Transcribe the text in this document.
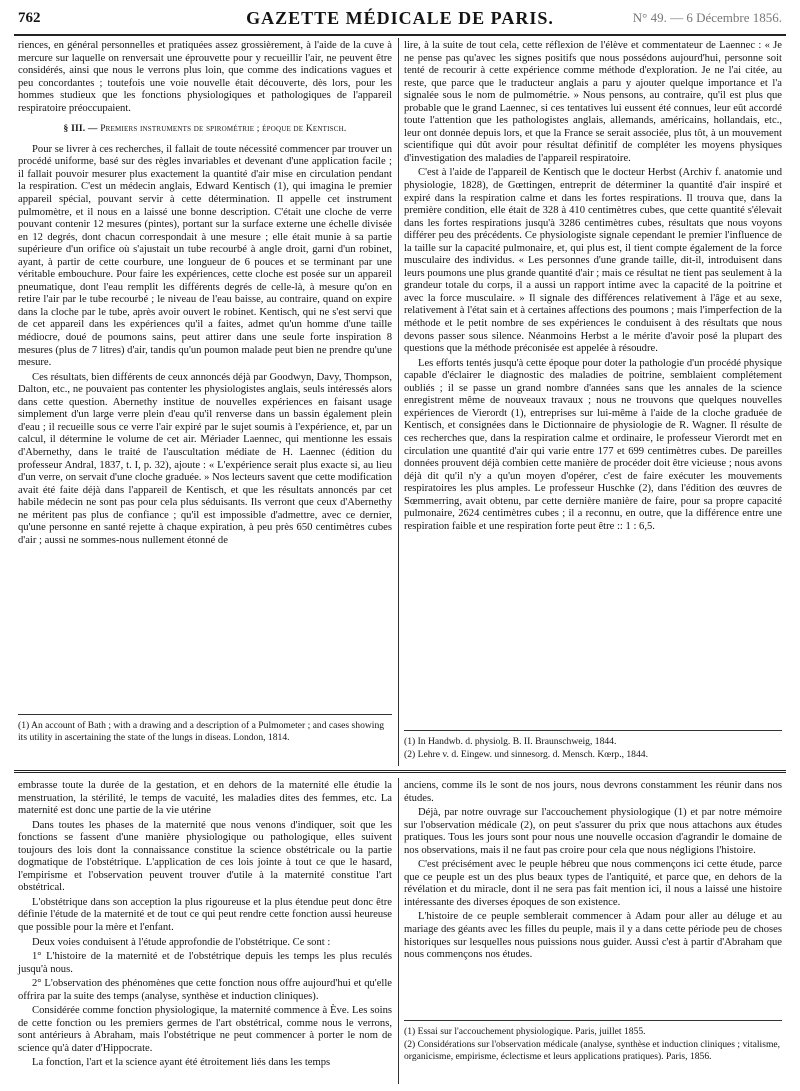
762	GAZETTE MÉDICALE DE PARIS.	N° 49. — 6 Décembre 1856.

riences, en général personnelles et pratiquées assez grossièrement, à l'aide de la cuve à mercure sur laquelle on renversait une éprouvette pour y recueillir l'air, ne peuvent être considérés, ainsi que nous le verrons plus loin, que comme des indications vagues et peu concordantes ; toutefois une voie nouvelle était découverte, dès lors, pour les hommes studieux que les fonctions physiologiques et pathologiques de l'appareil respiratoire préoccupaient.

§ III. — Premiers instruments de spirométrie ; époque de Kentisch.

Pour se livrer à ces recherches, il fallait de toute nécessité commencer par trouver un procédé uniforme, basé sur des règles invariables et devenant d'une application facile ; il fallait pouvoir mesurer plus exactement la quantité d'air mise en circulation pendant la respiration. C'est un médecin anglais, Edward Kentisch (1), qui imagina le premier appareil spécial, pouvant servir à cette détermination. Il appelle cet instrument pulmomètre, et il nous en a laissé une bonne description. C'était une cloche de verre pouvant contenir 12 mesures (pintes), portant sur la surface externe une échelle divisée en 12 degrés, dont chacun correspondait à une mesure ; elle était munie à sa partie supérieure d'un orifice où s'ajustait un tube recourbé à angle droit, garni d'un robinet, ayant, à partir de cette courbure, une longueur de 6 pouces et se terminant par une véritable embouchure. Pour faire les expériences, cette cloche est posée sur un appareil pneumatique, dont l'eau remplit les différents degrés de celle-là, à mesure qu'on en retire l'air par le tube recourbé ; le niveau de l'eau baisse, au contraire, quand on expire dans la cloche par le tube, après avoir ouvert le robinet. Kentisch, qui ne s'est servi que de cet appareil dans les expériences qu'il a faites, admet qu'un homme d'une taille médiocre, doué de poumons sains, peut attirer dans une seule forte inspiration 8 mesures (plus de 7 litres) d'air, tandis qu'un poumon malade peut bien ne prendre qu'une mesure.

Ces résultats, bien différents de ceux annoncés déjà par Goodwyn, Davy, Thompson, Dalton, etc., ne pouvaient pas contenter les physiologistes anglais, seuls intéressés alors dans cette question. Abernethy institue de nouvelles expériences en faisant usage simplement d'un large verre plein d'eau qu'il renverse dans un bassin également plein d'eau ; il recueille sous ce verre l'air expiré par le sujet soumis à l'expérience, et, par un calcul, il détermine le volume de cet air. Mériader Laennec, qui mentionne les essais d'Abernethy, dans le traité de l'auscultation médiate de H. Laennec (édition du professeur Andral, 1837, t. I, p. 32), ajoute : « L'expérience serait plus exacte si, au lieu d'un verre, on servait d'une cloche graduée. » Nos lecteurs savent que cette modification avait été faite déjà dans l'appareil de Kentisch, et que les résultats annoncés par cet habile médecin ne sont pas pour cela plus séduisants. Ils verront que ceux d'Abernethy ne méritent pas plus de confiance ; qu'il est impossible d'admettre, avec ce dernier, qu'une personne en santé rejette à chaque expiration, à peu près 650 centimètres cubes d'air ; aussi ne sommes-nous nullement étonné de

(1) An account of Bath ; with a drawing and a description of a Pulmometer ; and cases showing its utility in ascertaining the state of the lungs in diseas. London, 1814.

lire, à la suite de tout cela, cette réflexion de l'élève et commentateur de Laennec : « Je ne pense pas qu'avec les signes positifs que nous possédons aujourd'hui, personne soit tenté de recourir à cette expérience comme méthode d'exploration. Je ne l'ai citée, au reste, que parce que le traducteur anglais a paru y ajouter quelque importance et l'a signalée sous le nom de pulmométrie. » Nous pensons, au contraire, qu'il est plus que probable que le grand Laennec, si ces tentatives lui eussent été connues, leur eût accordé toute l'attention que les pathologistes anglais, allemands, américains, hollandais, etc., leur ont donnée depuis lors, et que la France se serait associée, plus tôt, à un mouvement scientifique qui dût avoir pour résultat définitif de compléter les moyens physiques d'investigation des maladies de l'appareil respiratoire.

C'est à l'aide de l'appareil de Kentisch que le docteur Herbst (Archiv f. anatomie und physiologie, 1828), de Gœttingen, entreprit de déterminer la quantité d'air inspiré et expiré dans la respiration calme et dans les fortes respirations. Il trouva que, dans la première condition, elle était de 328 à 410 centimètres cubes, que cette quantité s'élevait dans les fortes respirations jusqu'à 3286 centimètres cubes, résultats que nous voyons différer peu des précédents. Ce physiologiste signale cependant le premier l'influence de la taille sur la capacité pulmonaire, et, qui plus est, il tient compte également de la force musculaire des individus. « Les personnes d'une grande taille, dit-il, introduisent dans leurs poumons une plus grande quantité d'air ; mais ce résultat ne tient pas seulement à la grandeur totale du corps, il a aussi un rapport intime avec la capacité de la poitrine et avec la force musculaire. » Il signale des différences relativement à l'âge et au sexe, relativement à l'état sain et à certaines affections des poumons ; mais l'imperfection de la méthode et le petit nombre de ses expériences le conduisent à des résultats que nous devons passer sous silence. Néanmoins Herbst a le mérite d'avoir posé la plupart des questions que la méthode préconisée est appelée à résoudre.

Les efforts tentés jusqu'à cette époque pour doter la pathologie d'un procédé physique capable d'éclairer le diagnostic des maladies de poitrine, semblaient complétement oubliés ; il se passe un grand nombre d'années sans que les annales de la science enregistrent même de nouveaux travaux ; nous ne trouvons que quelques nouvelles expériences de Vierordt (1), entreprises sur lui-même à l'aide de la cloche graduée de Kentisch, et consignées dans le Dictionnaire de physiologie de R. Wagner. Il résulte de ces recherches que, dans la respiration calme et ordinaire, le professeur Vierordt met en circulation une quantité d'air qui varie entre 177 et 699 centimètres cubes. De pareilles données prouvent déjà combien cette manière de procéder doit être vicieuse ; nous avons déjà dit qu'il n'y a qu'un moyen d'opérer, c'est de faire exécuter les mouvements respiratoires les plus amples. Le professeur Huschke (2), dans l'édition des œuvres de Sœmmerring, avait obtenu, par cette dernière manière de faire, pour sa propre capacité pulmonaire, 2624 centimètres cubes ; il a reconnu, en outre, que la différence entre une respiration faible et une respiration forte peut être :: 1 : 6,5.

(1) In Handwb. d. physiolg. B. II. Braunschweig, 1844.

(2) Lehre v. d. Eingew. und sinnesorg. d. Mensch. Kœrp., 1844.

embrasse toute la durée de la gestation, et en dehors de la maternité elle étudie la menstruation, la stérilité, le temps de vacuité, les maladies dites des femmes, etc. La maternité est donc une partie de la vie utérine

Dans toutes les phases de la maternité que nous venons d'indiquer, soit que les fonctions se fassent d'une manière physiologique ou pathologique, elles suivent toujours des lois dont la connaissance constitue la science obstétricale ou la partie dogmatique de l'obstétrique. L'application de ces lois jointe à tout ce que le hasard, l'empirisme et l'observation peuvent trouver d'utile à la maternité constitue l'art obstétrical.

L'obstétrique dans son acception la plus rigoureuse et la plus étendue peut donc être définie l'étude de la maternité et de tout ce qui peut rendre cette fonction aussi heureuse que possible pour la mère et l'enfant.

Deux voies conduisent à l'étude approfondie de l'obstétrique. Ce sont :

1° L'histoire de la maternité et de l'obstétrique depuis les temps les plus reculés jusqu'à nous.

2° L'observation des phénomènes que cette fonction nous offre aujourd'hui et qu'elle offrira par la suite des temps (analyse, synthèse et induction cliniques).

Considérée comme fonction physiologique, la maternité commence à Ève. Les soins de cette fonction ou les premiers germes de l'art obstétrical, comme nous le verrons, sont antérieurs à Abraham, mais l'obstétrique ne peut commencer à porter le nom de science qu'à dater d'Hippocrate.

La fonction, l'art et la science ayant été étroitement liés dans les temps

anciens, comme ils le sont de nos jours, nous devrons constamment les réunir dans nos études.

Déjà, par notre ouvrage sur l'accouchement physiologique (1) et par notre mémoire sur l'observation médicale (2), on peut s'assurer du prix que nous attachons aux études pratiques. Tous les jours sont pour nous une nouvelle occasion d'agrandir le domaine de nos observations, mais il ne faut pas croire pour cela que nous négligions l'histoire.

C'est précisément avec le peuple hébreu que nous commençons ici cette étude, parce que ce peuple est un des plus beaux types de l'antiquité, et parce que, en dehors de la révélation et du miracle, dont il ne sera pas fait mention ici, il nous a laissé une histoire intéressante des diverses époques de son existence.

L'histoire de ce peuple semblerait commencer à Adam pour aller au déluge et au mariage des géants avec les filles du peuple, mais il y a dans cette période peu de choses historiques sur lesquelles nous puissions nous guider. Aussi c'est à partir d'Abraham que nous commençons nos études.

(1) Essai sur l'accouchement physiologique. Paris, juillet 1855.

(2) Considérations sur l'observation médicale (analyse, synthèse et induction cliniques ; vitalisme, organicisme, empirisme, éclectisme et leurs applications pratiques). Paris, 1856.
